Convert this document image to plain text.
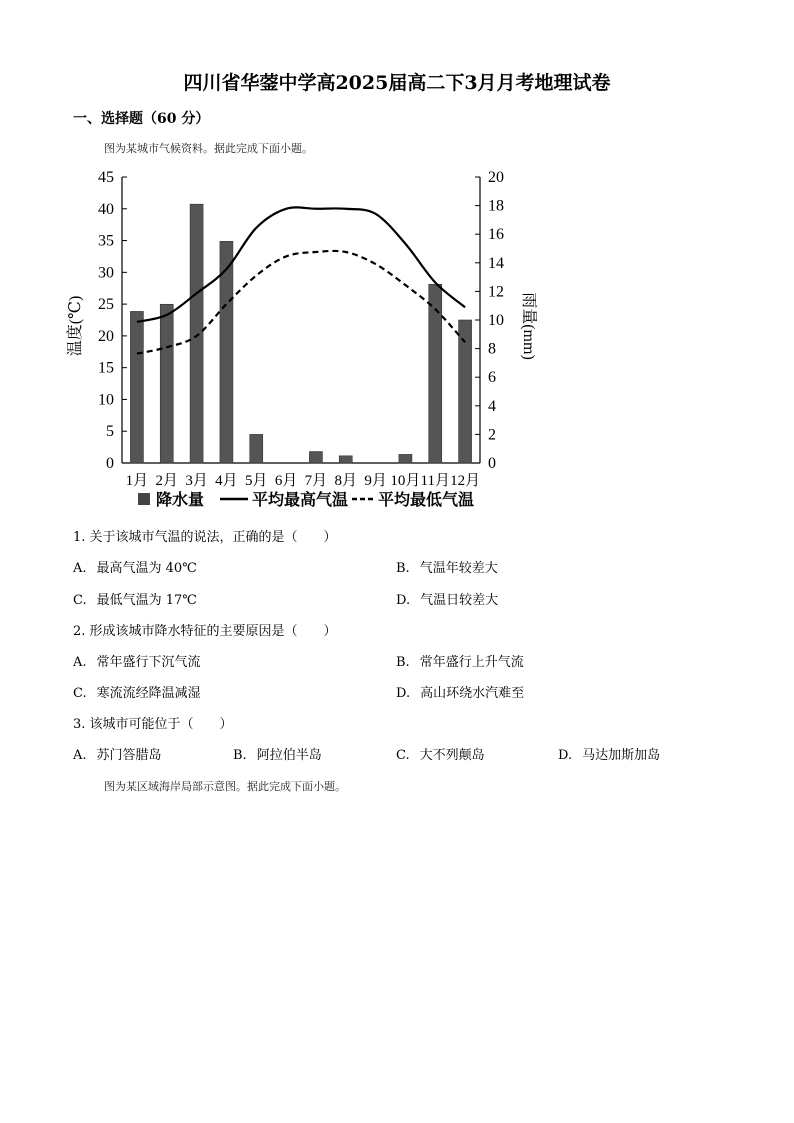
四川省华蓥中学高2025届高二下3月月考地理试卷
一、选择题（60 分）
图为某城市气候资料。据此完成下面小题。
0
5
10
15
20
25
30
35
40
45
0
2
4
6
8
10
12
14
16
18
20
温度(℃)	雨量(mm)
1月 2月 3月 4月 5月 6月 7月 8月 9月 10月 11月 12月
降水量	平均最高气温 平均最低气温
1. 关于该城市气温的说法，正确的是（　　）
A. 最高气温为 40℃	B. 气温年较差大
C. 最低气温为 17℃	D. 气温日较差大
2. 形成该城市降水特征的主要原因是（　　）
A. 常年盛行下沉气流	B. 常年盛行上升气流
C. 寒流流经降温减湿	D. 高山环绕水汽难至
3. 该城市可能位于（　　）
A. 苏门答腊岛	B. 阿拉伯半岛	C. 大不列颠岛	D. 马达加斯加岛
图为某区域海岸局部示意图。据此完成下面小题。
